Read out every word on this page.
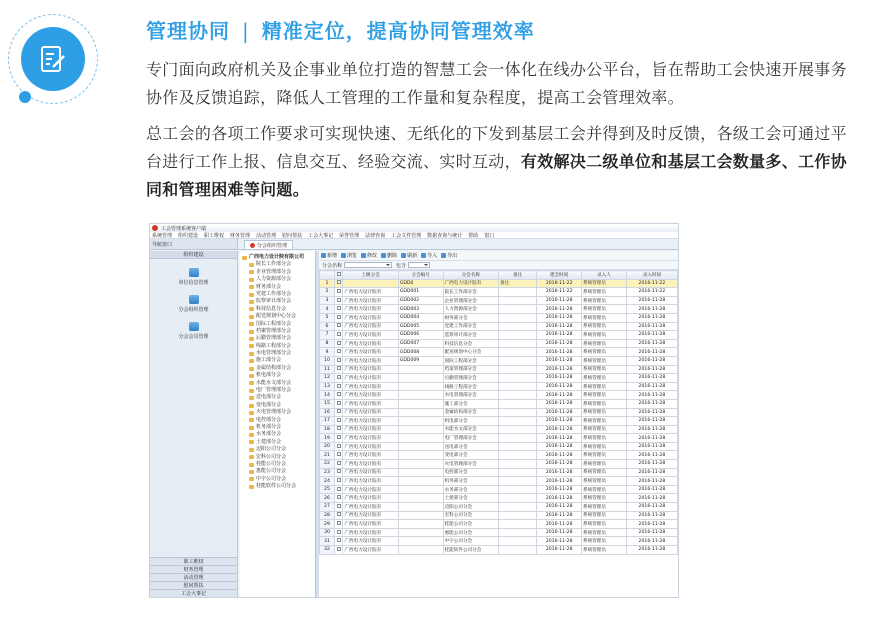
管理协同 | 精准定位，提高协同管理效率

专门面向政府机关及企事业单位打造的智慧工会一体化在线办公平台，旨在帮助工会快速开展事务协作及反馈追踪，降低人工管理的工作量和复杂程度，提高工会管理效率。

总工会的各项工作要求可实现快速、无纸化的下发到基层工会并得到及时反馈，各级工会可通过平台进行工作上报、信息交互、经验交流、实时互动，有效解决二级单位和基层工会数量多、工作协同和管理困难等问题。

工会管理系统客户端
系统管理 组织建设 职工维权 财务管理 活动管理 慰问帮扶 工会大事记 荣誉管理 法律咨询 工会文件管理 数据查询与统计 帮助 窗口
导航窗口	分会组织管理
组织建设
单位信息管理
分会组织管理
分会会员管理
职工维权
财务管理
活动管理
慰问帮扶
工会大事记
广西电力设计院有限公司
院长工作部分会
企业管理部分会
人力资源部分会
财务部分会
党建工作部分会
监察审计部分会
科技信息分会
配送规划中心分会
国际工程部分会
档案管理部分会
后勤管理部分会
线路工程部分会
水电管理部分会
施工部分会
金属结构部分会
机电部分会
水能水文部分会
电厂管理部分会
送电部分会
变电部分会
火电管理部分会
电控部分会
机务部分会
水务部分会
土建部分会
迈阳公司分会
宏科公司分会
桂能公司分会
惠能公司分会
中宇公司分会
桂能软件公司分会
新增 浏览 修改 删除 刷新 导入 导出
分会名称	包含
		上级分会	分会编号	分会名称	备注	建会时间	录入人	录入时间
1			GDD0	广西电力设计院有	备注	2016-11-22	系统管理员	2016-11-22
2		广西电力设计院有	GDD001	院长工作部分会		2016-11-22	系统管理员	2016-11-22
3		广西电力设计院有	GDD002	企业管理部分会		2016-11-28	系统管理员	2016-11-28
4		广西电力设计院有	GDD003	人力资源部分会		2016-11-28	系统管理员	2016-11-28
5		广西电力设计院有	GDD004	财务部分会		2016-11-28	系统管理员	2016-11-28
6		广西电力设计院有	GDD005	党建工作部分会		2016-11-28	系统管理员	2016-11-28
7		广西电力设计院有	GDD006	监察审计部分会		2016-11-28	系统管理员	2016-11-28
8		广西电力设计院有	GDD007	科技信息分会		2016-11-28	系统管理员	2016-11-28
9		广西电力设计院有	GDD008	配送规划中心分会		2016-11-28	系统管理员	2016-11-28
10		广西电力设计院有	GDD009	国际工程部分会		2016-11-28	系统管理员	2016-11-28
11		广西电力设计院有		档案管理部分会		2016-11-28	系统管理员	2016-11-28
12		广西电力设计院有		后勤管理部分会		2016-11-28	系统管理员	2016-11-28
13		广西电力设计院有		线路工程部分会		2016-11-28	系统管理员	2016-11-28
14		广西电力设计院有		水电管理部分会		2016-11-28	系统管理员	2016-11-28
15		广西电力设计院有		施工部分会		2016-11-28	系统管理员	2016-11-28
16		广西电力设计院有		金属结构部分会		2016-11-28	系统管理员	2016-11-28
17		广西电力设计院有		机电部分会		2016-11-28	系统管理员	2016-11-28
18		广西电力设计院有		水能水文部分会		2016-11-28	系统管理员	2016-11-28
19		广西电力设计院有		电厂管理部分会		2016-11-28	系统管理员	2016-11-28
20		广西电力设计院有		送电部分会		2016-11-28	系统管理员	2016-11-28
21		广西电力设计院有		变电部分会		2016-11-28	系统管理员	2016-11-28
22		广西电力设计院有		火电管理部分会		2016-11-28	系统管理员	2016-11-28
23		广西电力设计院有		电控部分会		2016-11-28	系统管理员	2016-11-28
24		广西电力设计院有		机务部分会		2016-11-28	系统管理员	2016-11-28
25		广西电力设计院有		水务部分会		2016-11-28	系统管理员	2016-11-28
26		广西电力设计院有		土建部分会		2016-11-28	系统管理员	2016-11-28
27		广西电力设计院有		迈阳公司分会		2016-11-28	系统管理员	2016-11-28
28		广西电力设计院有		宏科公司分会		2016-11-28	系统管理员	2016-11-28
29		广西电力设计院有		桂能公司分会		2016-11-28	系统管理员	2016-11-28
30		广西电力设计院有		惠能公司分会		2016-11-28	系统管理员	2016-11-28
31		广西电力设计院有		中宇公司分会		2016-11-28	系统管理员	2016-11-28
32		广西电力设计院有		桂能软件公司分会		2016-11-28	系统管理员	2016-11-28
